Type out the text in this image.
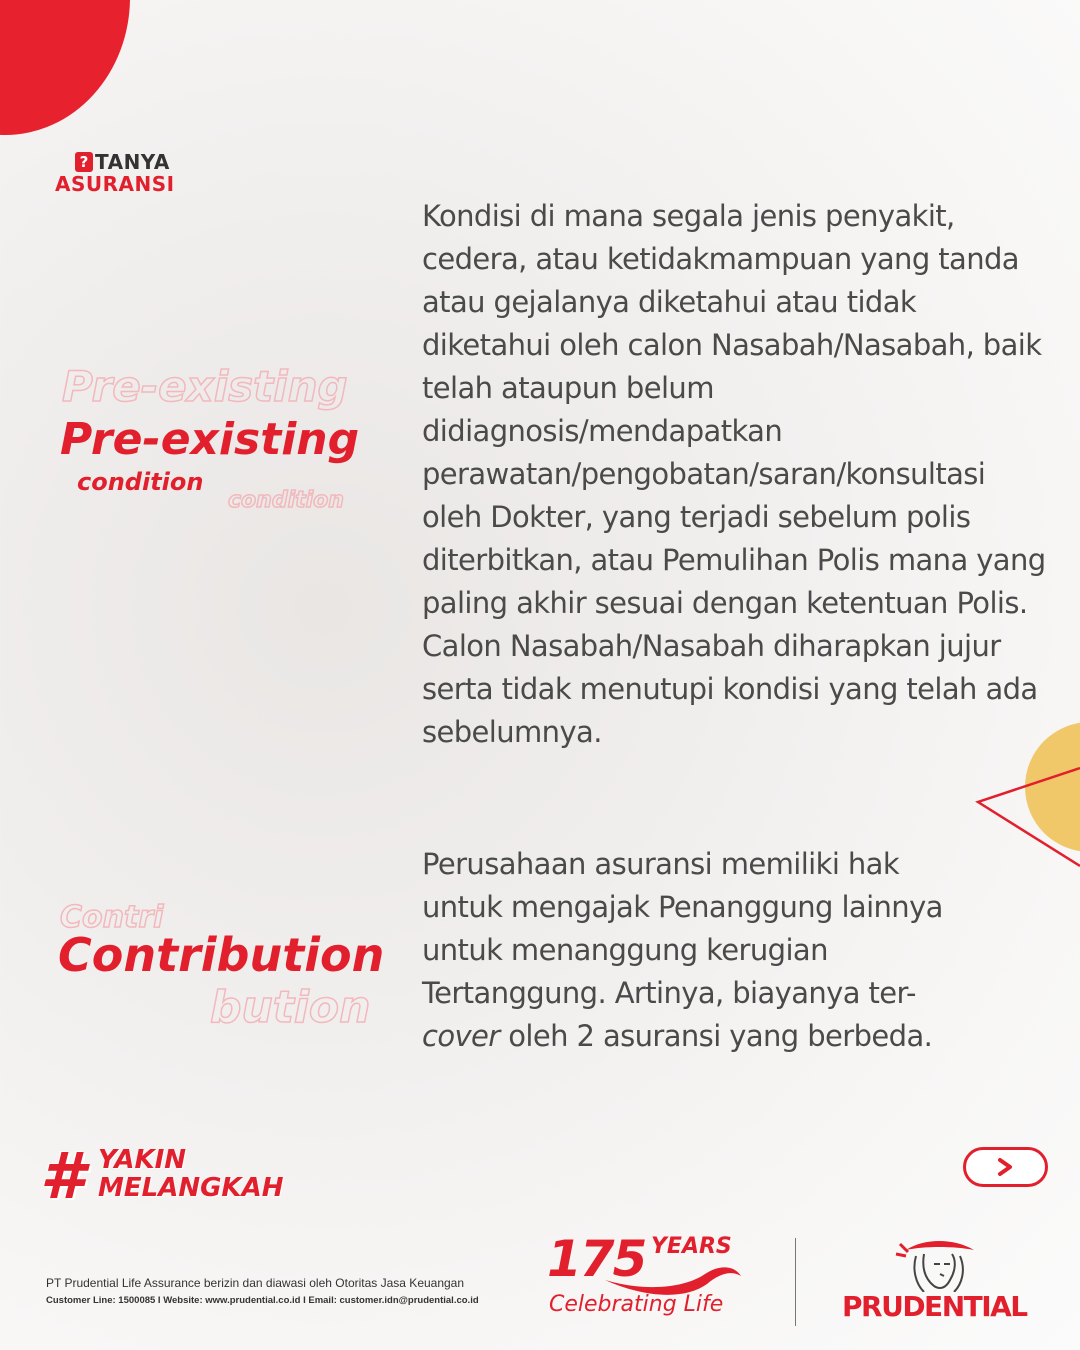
? TANYA
ASURANSI
Pre-existing
Pre-existing
condition
condition
Kondisi di mana segala jenis penyakit, cedera, atau ketidakmampuan yang tanda atau gejalanya diketahui atau tidak diketahui oleh calon Nasabah/Nasabah, baik telah ataupun belum didiagnosis/mendapatkan perawatan/pengobatan/saran/konsultasi oleh Dokter, yang terjadi sebelum polis diterbitkan, atau Pemulihan Polis mana yang paling akhir sesuai dengan ketentuan Polis. Calon Nasabah/Nasabah diharapkan jujur serta tidak menutupi kondisi yang telah ada sebelumnya.
Contri
Contribution
bution
Perusahaan asuransi memiliki hak untuk mengajak Penanggung lainnya untuk menanggung kerugian Tertanggung. Artinya, biayanya ter-cover oleh 2 asuransi yang berbeda.
# YAKIN
MELANGKAH
PT Prudential Life Assurance berizin dan diawasi oleh Otoritas Jasa Keuangan
Customer Line: 1500085 I Website: www.prudential.co.id I Email: customer.idn@prudential.co.id
175 YEARS
Celebrating Life	PRUDENTIAL
